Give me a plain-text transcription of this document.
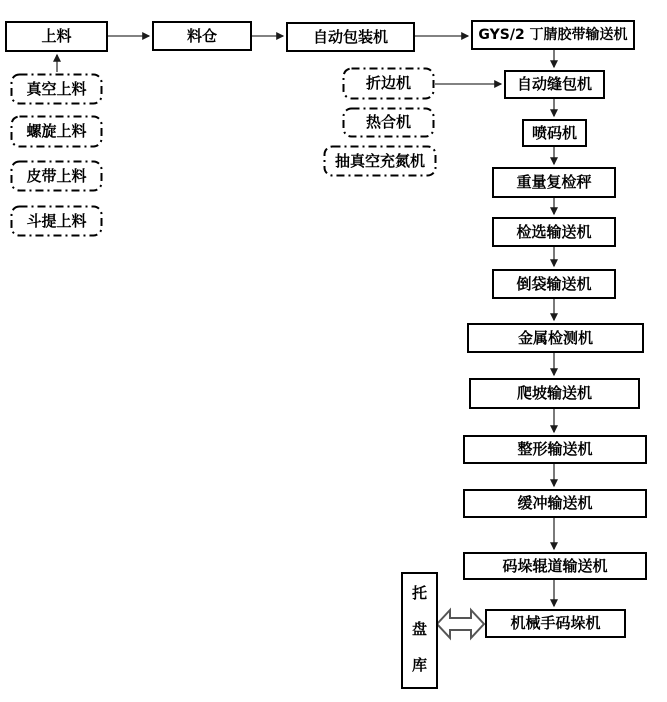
上料	料仓	自动包装机	GYS/2 丁腈胶带输送机
真空上料
螺旋上料
皮带上料
斗提上料
折边机
热合机
抽真空充氮机
自动缝包机
喷码机
重量复检秤
检选输送机
倒袋输送机
金属检测机
爬坡输送机
整形输送机
缓冲输送机
码垛辊道输送机
机械手码垛机
托
盘
库
